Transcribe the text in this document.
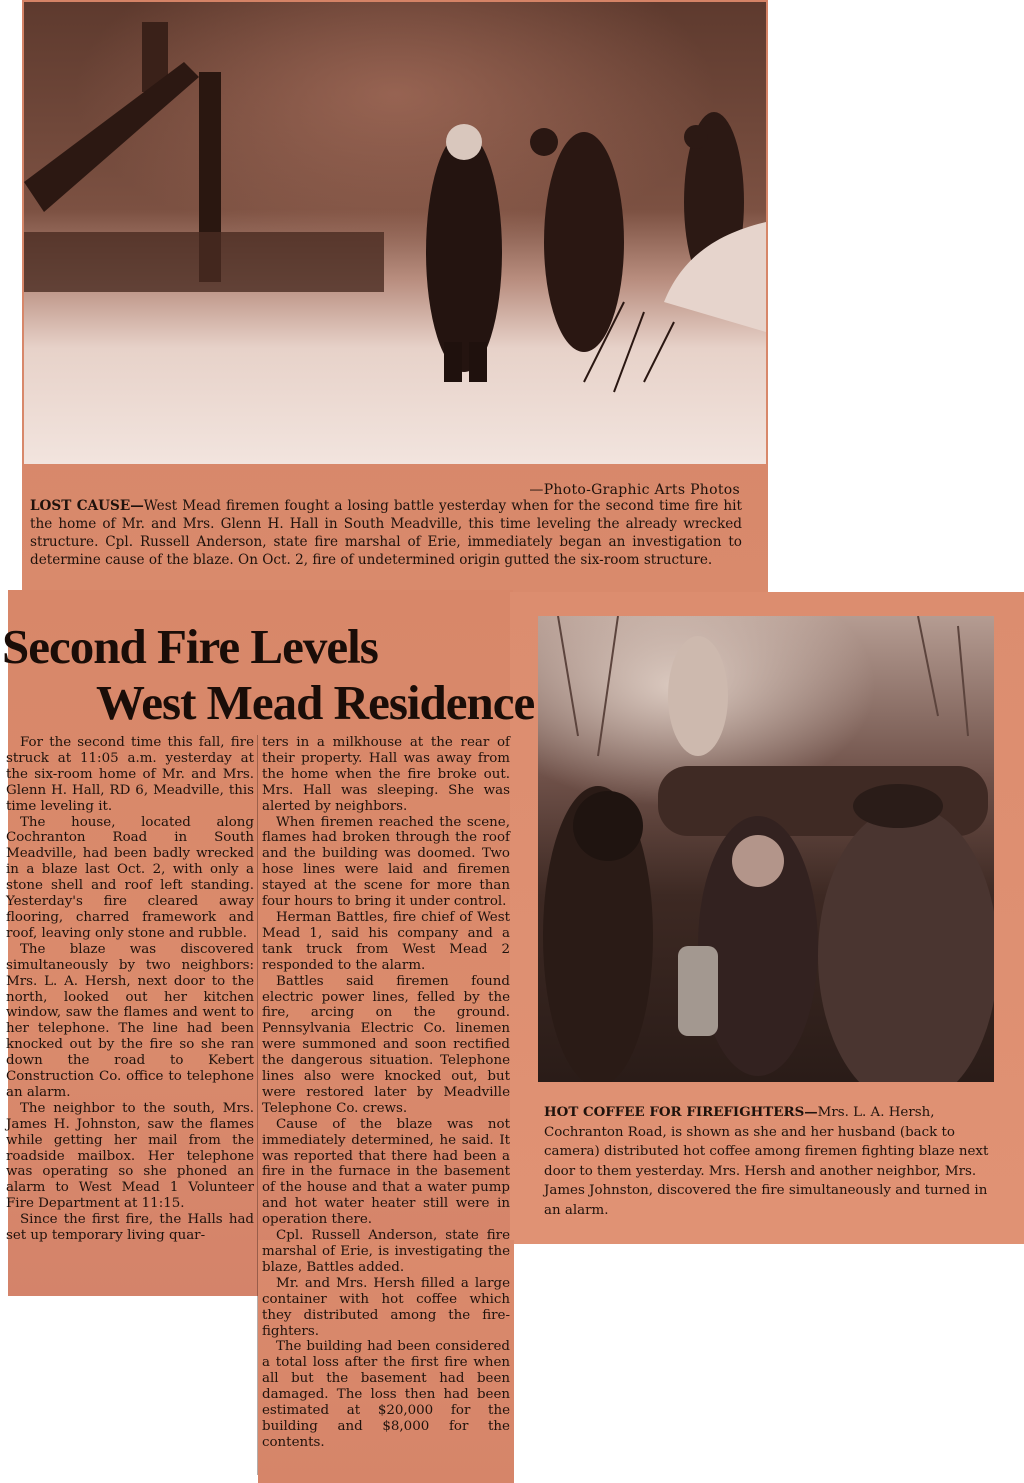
—Photo-Graphic Arts Photos
LOST CAUSE—West Mead firemen fought a losing battle yesterday when for the second time fire hit the home of Mr. and Mrs. Glenn H. Hall in South Meadville, this time leveling the already wrecked structure. Cpl. Russell Anderson, state fire marshal of Erie, immediately began an investigation to determine cause of the blaze. On Oct. 2, fire of undetermined origin gutted the six-room structure.
Second Fire Levels
West Mead Residence

For the second time this fall, fire struck at 11:05 a.m. yesterday at the six-room home of Mr. and Mrs. Glenn H. Hall, RD 6, Meadville, this time leveling it.

The house, located along Cochranton Road in South Meadville, had been badly wrecked in a blaze last Oct. 2, with only a stone shell and roof left standing. Yesterday's fire cleared away flooring, charred framework and roof, leaving only stone and rubble.

The blaze was discovered simultaneously by two neighbors: Mrs. L. A. Hersh, next door to the north, looked out her kitchen window, saw the flames and went to her telephone. The line had been knocked out by the fire so she ran down the road to Kebert Construction Co. office to telephone an alarm.

The neighbor to the south, Mrs. James H. Johnston, saw the flames while getting her mail from the roadside mailbox. Her telephone was operating so she phoned an alarm to West Mead 1 Volunteer Fire Department at 11:15.

Since the first fire, the Halls had set up temporary living quar-

ters in a milkhouse at the rear of their property. Hall was away from the home when the fire broke out. Mrs. Hall was sleeping. She was alerted by neighbors.

When firemen reached the scene, flames had broken through the roof and the building was doomed. Two hose lines were laid and firemen stayed at the scene for more than four hours to bring it under control.

Herman Battles, fire chief of West Mead 1, said his company and a tank truck from West Mead 2 responded to the alarm.

Battles said firemen found electric power lines, felled by the fire, arcing on the ground. Pennsylvania Electric Co. linemen were summoned and soon rectified the dangerous situation. Telephone lines also were knocked out, but were restored later by Meadville Telephone Co. crews.

Cause of the blaze was not immediately determined, he said. It was reported that there had been a fire in the furnace in the basement of the house and that a water pump and hot water heater still were in operation there.

Cpl. Russell Anderson, state fire marshal of Erie, is investigating the blaze, Battles added.

Mr. and Mrs. Hersh filled a large container with hot coffee which they distributed among the fire-fighters.

The building had been considered a total loss after the first fire when all but the basement had been damaged. The loss then had been estimated at $20,000 for the building and $8,000 for the contents.

HOT COFFEE FOR FIREFIGHTERS—Mrs. L. A. Hersh, Cochranton Road, is shown as she and her husband (back to camera) distributed hot coffee among firemen fighting blaze next door to them yesterday. Mrs. Hersh and another neighbor, Mrs. James Johnston, discovered the fire simultaneously and turned in an alarm.
